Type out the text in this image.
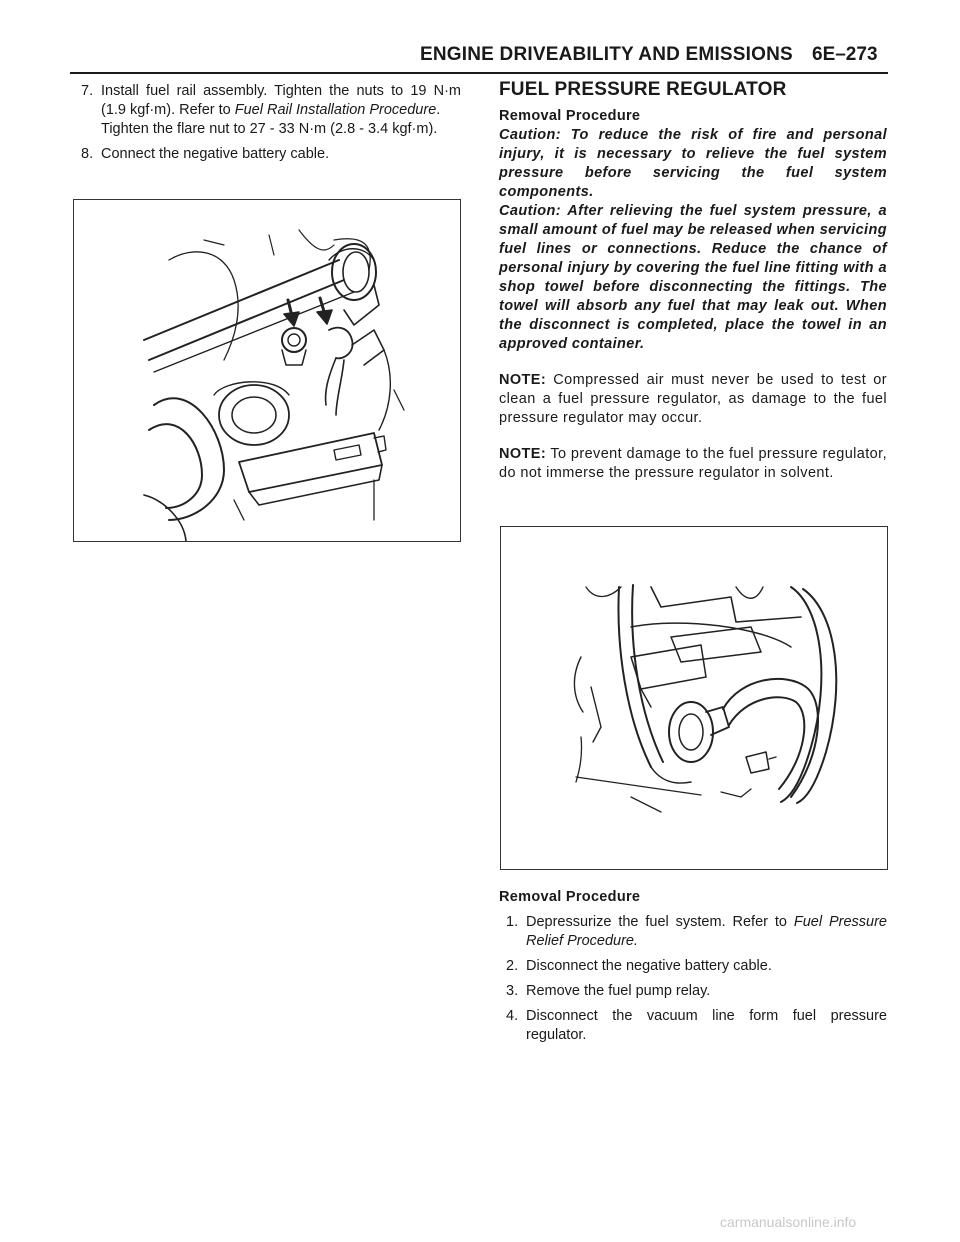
ENGINE DRIVEABILITY AND EMISSIONS 6E–273
7. Install fuel rail assembly. Tighten the nuts to 19 N·m (1.9 kgf·m). Refer to Fuel Rail Installation Procedure.

Tighten the flare nut to 27 - 33 N·m (2.8 - 3.4 kgf·m).

8. Connect the negative battery cable.

FUEL PRESSURE REGULATOR

Removal Procedure

Caution: To reduce the risk of fire and personal injury, it is necessary to relieve the fuel system pressure before servicing the fuel system components.

Caution: After relieving the fuel system pressure, a small amount of fuel may be released when servicing fuel lines or connections. Reduce the chance of personal injury by covering the fuel line fitting with a shop towel before disconnecting the fittings. The towel will absorb any fuel that may leak out. When the disconnect is completed, place the towel in an approved container.

NOTE: Compressed air must never be used to test or clean a fuel pressure regulator, as damage to the fuel pressure regulator may occur.

NOTE: To prevent damage to the fuel pressure regulator, do not immerse the pressure regulator in solvent.

Removal Procedure

1. Depressurize the fuel system. Refer to Fuel Pressure Relief Procedure.

2. Disconnect the negative battery cable.

3. Remove the fuel pump relay.

4. Disconnect the vacuum line form fuel pressure regulator.

carmanualsonline.info
